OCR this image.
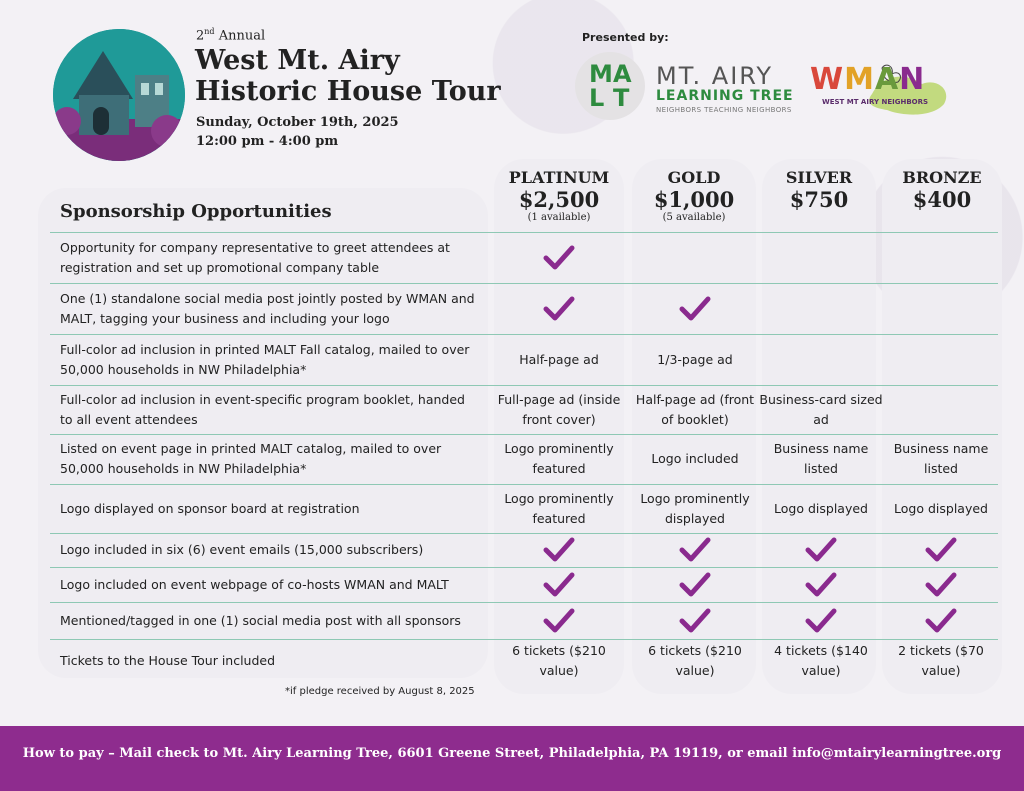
2nd Annual
West Mt. Airy
Historic House Tour
Sunday, October 19th, 2025
12:00 pm - 4:00 pm
Presented by:
M A
L T
MT. AIRY
LEARNING TREE
NEIGHBORS TEACHING NEIGHBORS
WMAN
WEST MT AIRY NEIGHBORS
PLATINUM
$2,500
(1 available)
GOLD
$1,000
(5 available)
SILVER
$750
BRONZE
$400
Sponsorship Opportunities
Opportunity for company representative to greet attendees at registration and set up promotional company table
One (1) standalone social media post jointly posted by WMAN and MALT, tagging your business and including your logo
Full-color ad inclusion in printed MALT Fall catalog, mailed to over 50,000 households in NW Philadelphia*
Half-page ad	1/3-page ad
Full-color ad inclusion in event-specific program booklet, handed to all event attendees
Full-page ad (inside front cover)
Half-page ad (front of booklet)
Business-card sized ad
Listed on event page in printed MALT catalog, mailed to over 50,000 households in NW Philadelphia*
Logo prominently featured
Logo included
Business name listed
Business name listed
Logo displayed on sponsor board at registration
Logo prominently featured
Logo prominently displayed
Logo displayed Logo displayed
Logo included in six (6) event emails (15,000 subscribers)
Logo included on event webpage of co-hosts WMAN and MALT
Mentioned/tagged in one (1) social media post with all sponsors
Tickets to the House Tour included
6 tickets ($210 value)
6 tickets ($210 value)
4 tickets ($140 value)
2 tickets ($70 value)
*if pledge received by August 8, 2025
How to pay – Mail check to Mt. Airy Learning Tree, 6601 Greene Street, Philadelphia, PA 19119, or email info@mtairylearningtree.org
